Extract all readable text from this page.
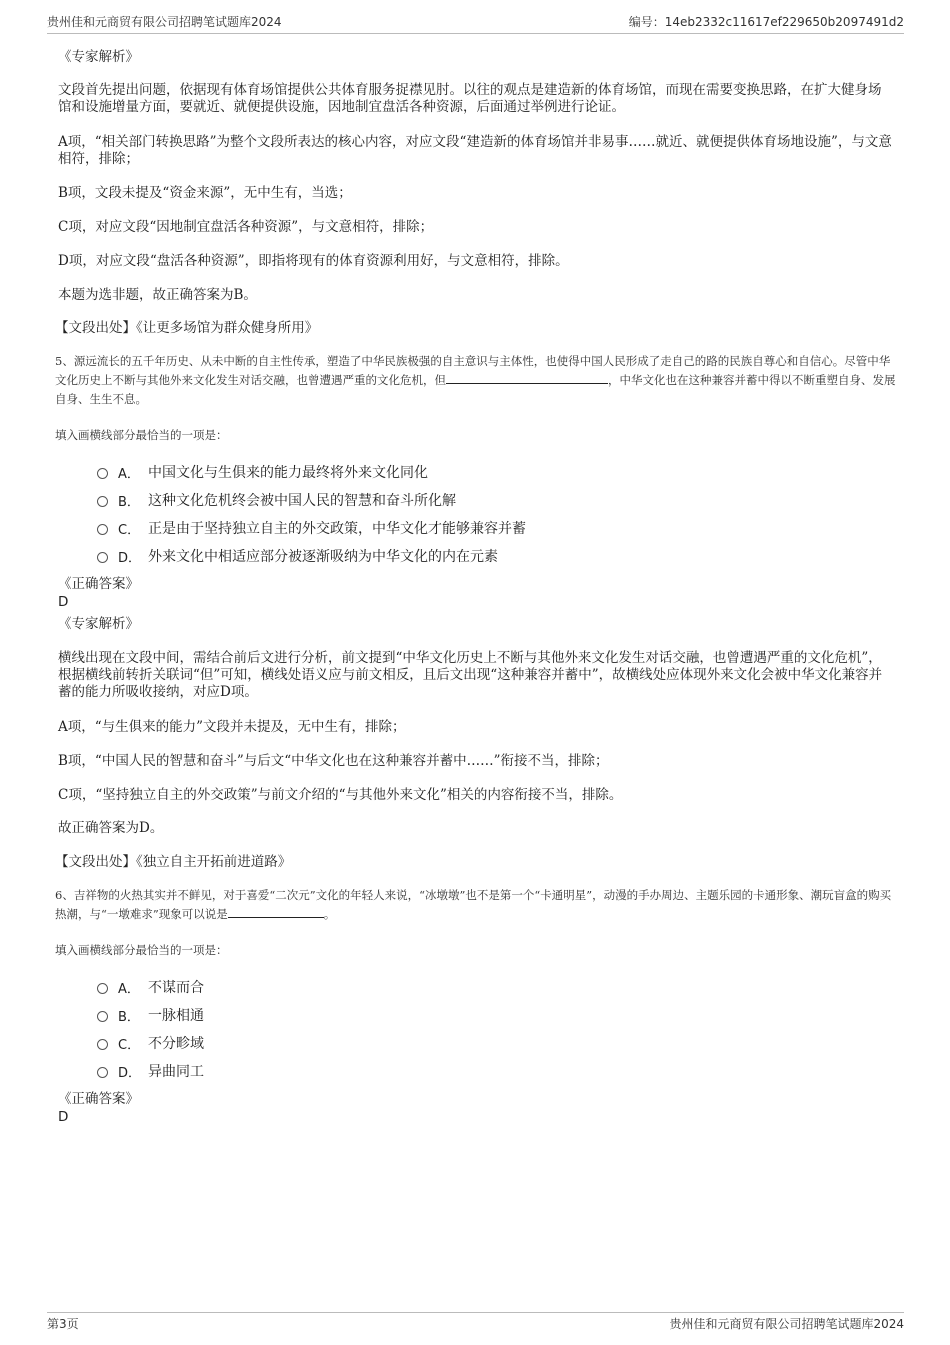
贵州佳和元商贸有限公司招聘笔试题库2024	编号：14eb2332c11617ef229650b2097491d2
《专家解析》
文段首先提出问题，依据现有体育场馆提供公共体育服务捉襟见肘。以往的观点是建造新的体育场馆，而现在需要变换思路，在扩大健身场馆和设施增量方面，要就近、就便提供设施，因地制宜盘活各种资源，后面通过举例进行论证。
A项，“相关部门转换思路”为整个文段所表达的核心内容，对应文段“建造新的体育场馆并非易事……就近、就便提供体育场地设施”，与文意相符，排除；
B项，文段未提及“资金来源”，无中生有，当选；
C项，对应文段“因地制宜盘活各种资源”，与文意相符，排除；
D项，对应文段“盘活各种资源”，即指将现有的体育资源利用好，与文意相符，排除。
本题为选非题，故正确答案为B。
【文段出处】《让更多场馆为群众健身所用》
5、源远流长的五千年历史、从未中断的自主性传承，塑造了中华民族极强的自主意识与主体性，也使得中国人民形成了走自己的路的民族自尊心和自信心。尽管中华文化历史上不断与其他外来文化发生对话交融，也曾遭遇严重的文化危机，但	，中华文化也在这种兼容并蓄中得以不断重塑自身、发展自身、生生不息。
填入画横线部分最恰当的一项是：
A． 中国文化与生俱来的能力最终将外来文化同化
B． 这种文化危机终会被中国人民的智慧和奋斗所化解
C． 正是由于坚持独立自主的外交政策，中华文化才能够兼容并蓄
D． 外来文化中相适应部分被逐渐吸纳为中华文化的内在元素
《正确答案》
D
《专家解析》
横线出现在文段中间，需结合前后文进行分析，前文提到“中华文化历史上不断与其他外来文化发生对话交融，也曾遭遇严重的文化危机”，根据横线前转折关联词“但”可知，横线处语义应与前文相反，且后文出现“这种兼容并蓄中”，故横线处应体现外来文化会被中华文化兼容并蓄的能力所吸收接纳，对应D项。
A项，“与生俱来的能力”文段并未提及，无中生有，排除；
B项，“中国人民的智慧和奋斗”与后文“中华文化也在这种兼容并蓄中……”衔接不当，排除；
C项，“坚持独立自主的外交政策”与前文介绍的“与其他外来文化”相关的内容衔接不当，排除。
故正确答案为D。
【文段出处】《独立自主开拓前进道路》
6、吉祥物的火热其实并不鲜见，对于喜爱“二次元”文化的年轻人来说，“冰墩墩”也不是第一个“卡通明星”，动漫的手办周边、主题乐园的卡通形象、潮玩盲盒的购买热潮，与“一墩难求”现象可以说是	。
填入画横线部分最恰当的一项是：
A． 不谋而合
B． 一脉相通
C． 不分畛域
D． 异曲同工
《正确答案》
D
第3页	贵州佳和元商贸有限公司招聘笔试题库2024
